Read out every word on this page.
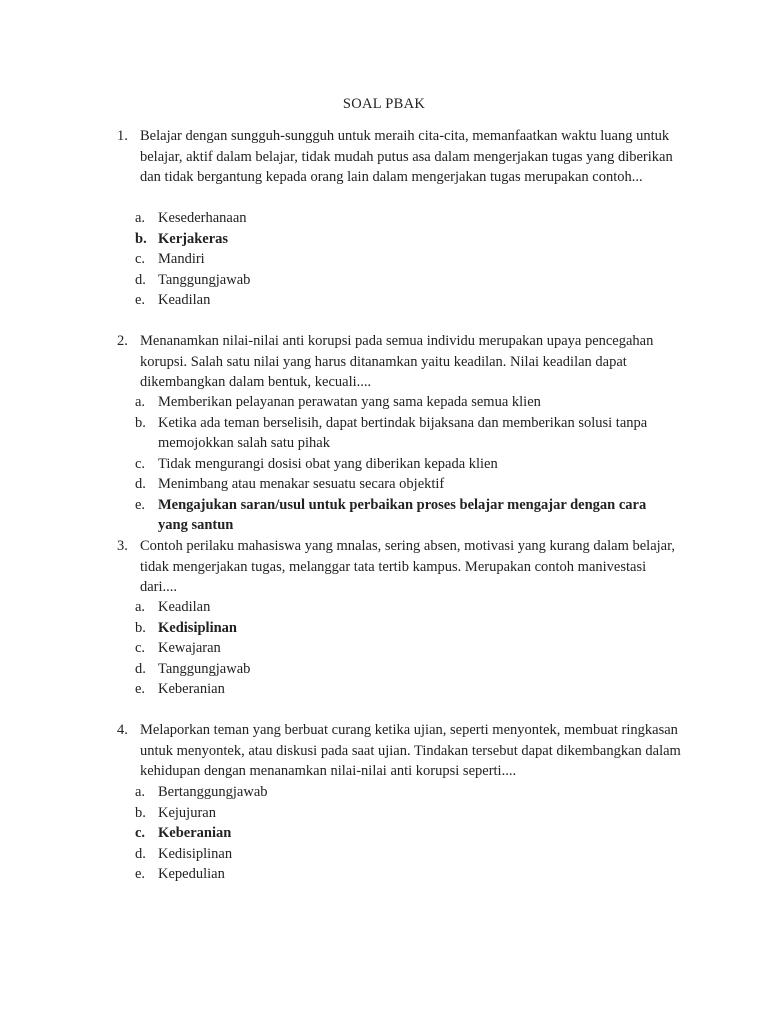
SOAL PBAK
1. Belajar dengan sungguh-sungguh untuk meraih cita-cita, memanfaatkan waktu luang untuk belajar, aktif dalam belajar, tidak mudah putus asa dalam mengerjakan tugas yang diberikan dan tidak bergantung kepada orang lain dalam mengerjakan tugas merupakan contoh...
a. Kesederhanaan
b. Kerjakeras
c. Mandiri
d. Tanggungjawab
e. Keadilan
2. Menanamkan nilai-nilai anti korupsi pada semua individu merupakan upaya pencegahan korupsi. Salah satu nilai yang harus ditanamkan yaitu keadilan. Nilai keadilan dapat dikembangkan dalam bentuk, kecuali....
a. Memberikan pelayanan perawatan yang sama kepada semua klien
b. Ketika ada teman berselisih, dapat bertindak bijaksana dan memberikan solusi tanpa memojokkan salah satu pihak
c. Tidak mengurangi dosisi obat yang diberikan kepada klien
d. Menimbang atau menakar sesuatu secara objektif
e. Mengajukan saran/usul untuk perbaikan proses belajar mengajar dengan cara yang santun
3. Contoh perilaku mahasiswa yang mnalas, sering absen, motivasi yang kurang dalam belajar, tidak mengerjakan tugas, melanggar tata tertib kampus. Merupakan contoh manivestasi dari....
a. Keadilan
b. Kedisiplinan
c. Kewajaran
d. Tanggungjawab
e. Keberanian
4. Melaporkan teman yang berbuat curang ketika ujian, seperti menyontek, membuat ringkasan untuk menyontek, atau diskusi pada saat ujian. Tindakan tersebut dapat dikembangkan dalam kehidupan dengan menanamkan nilai-nilai anti korupsi seperti....
a. Bertanggungjawab
b. Kejujuran
c. Keberanian
d. Kedisiplinan
e. Kepedulian
